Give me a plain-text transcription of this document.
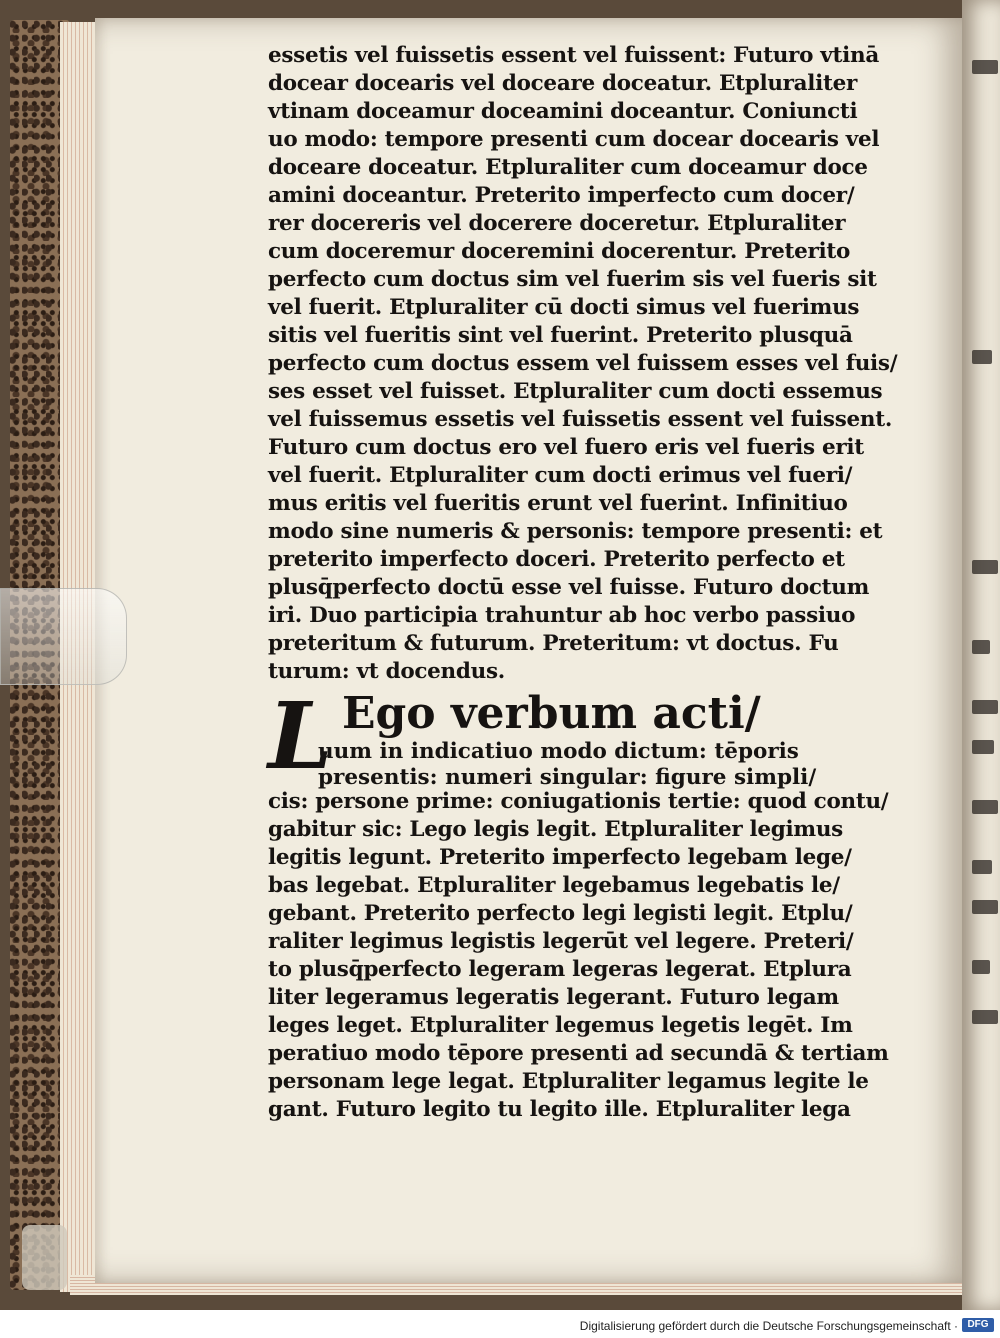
essetis vel fuissetis essent vel fuissent: Futuro vtinā
docear docearis vel doceare doceatur. Etpluraliter
vtinam doceamur doceamini doceantur. Coniuncti
uo modo: tempore presenti cum docear docearis vel
doceare doceatur. Etpluraliter cum doceamur doce
amini doceantur. Preterito imperfecto cum docer/
rer docereris vel docerere doceretur. Etpluraliter
cum doceremur doceremini docerentur. Preterito
perfecto cum doctus sim vel fuerim sis vel fueris sit
vel fuerit. Etpluraliter cū docti simus vel fuerimus
sitis vel fueritis sint vel fuerint. Preterito plusquā
perfecto cum doctus essem vel fuissem esses vel fuis/
ses esset vel fuisset. Etpluraliter cum docti essemus
vel fuissemus essetis vel fuissetis essent vel fuissent.
Futuro cum doctus ero vel fuero eris vel fueris erit
vel fuerit. Etpluraliter cum docti erimus vel fueri/
mus eritis vel fueritis erunt vel fuerint. Infinitiuo
modo sine numeris & personis: tempore presenti: et
preterito imperfecto doceri. Preterito perfecto et
plusq̄perfecto doctū esse vel fuisse. Futuro doctum
iri. Duo participia trahuntur ab hoc verbo passiuo
preteritum & futurum. Preteritum: vt doctus. Fu
turum: vt docendus.
L Ego verbum acti/
uum in indicatiuo modo dictum: tēporis
presentis: numeri singular: figure simpli/
cis: persone prime: coniugationis tertie: quod contu/
gabitur sic: Lego legis legit. Etpluraliter legimus
legitis legunt. Preterito imperfecto legebam lege/
bas legebat. Etpluraliter legebamus legebatis le/
gebant. Preterito perfecto legi legisti legit. Etplu/
raliter legimus legistis legerūt vel legere. Preteri/
to plusq̄perfecto legeram legeras legerat. Etplura
liter legeramus legeratis legerant. Futuro legam
leges leget. Etpluraliter legemus legetis legēt. Im
peratiuo modo tēpore presenti ad secundā & tertiam
personam lege legat. Etpluraliter legamus legite le
gant. Futuro legito tu legito ille. Etpluraliter lega
Digitalisierung gefördert durch die Deutsche Forschungsgemeinschaft · DFG
